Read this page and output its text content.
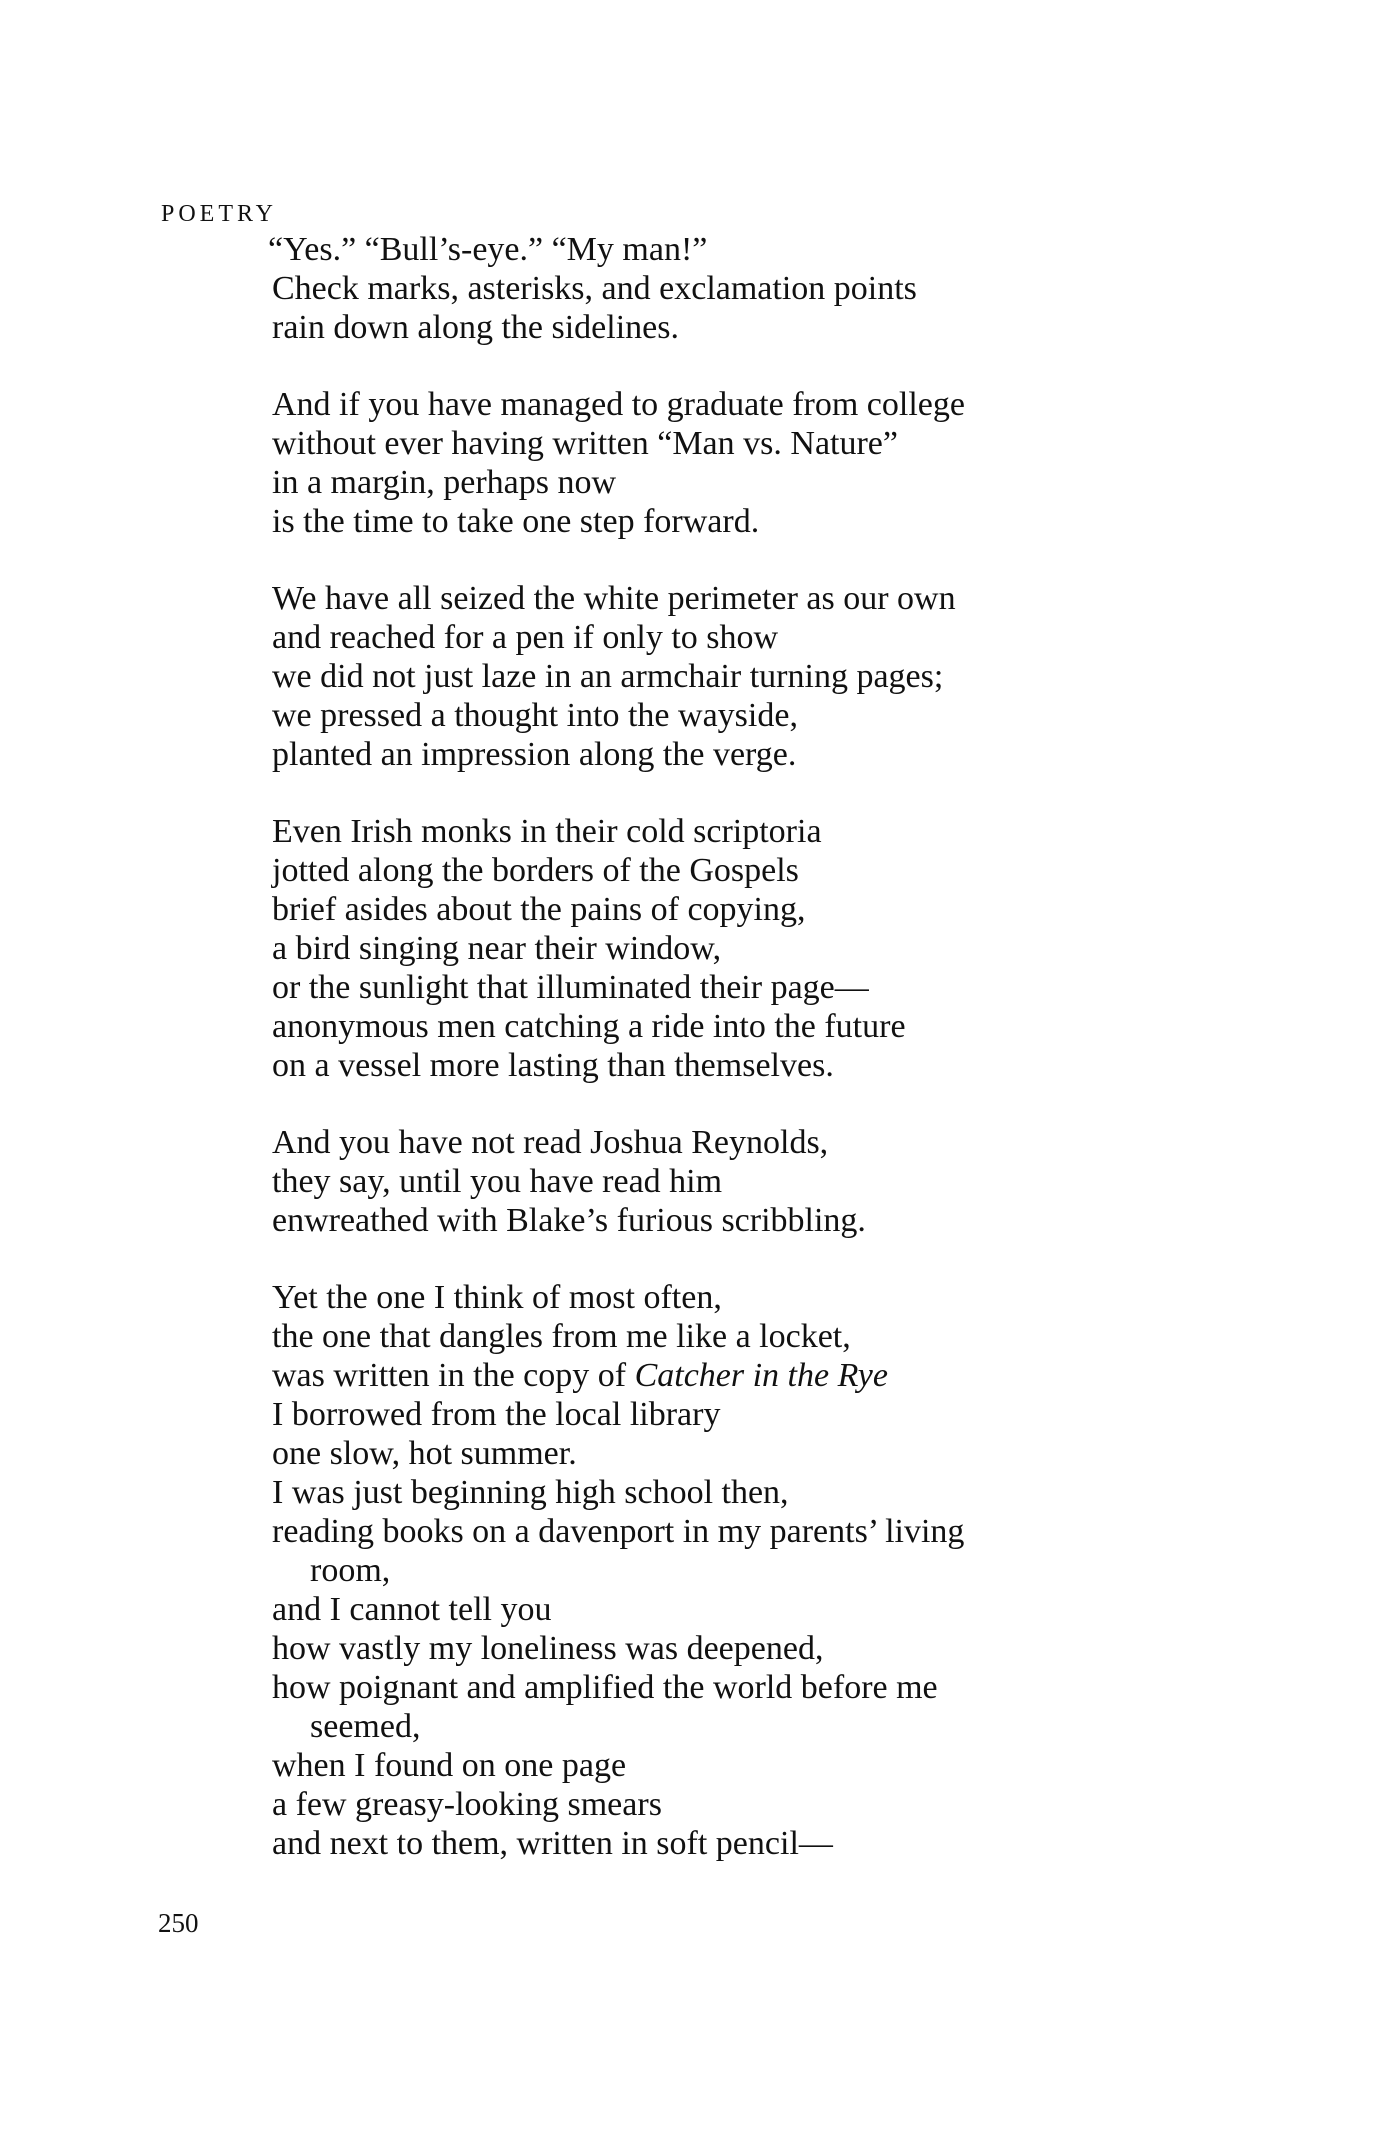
POETRY
“Yes.” “Bull’s-eye.” “My man!”
Check marks, asterisks, and exclamation points
rain down along the sidelines.
And if you have managed to graduate from college
without ever having written “Man vs. Nature”
in a margin, perhaps now
is the time to take one step forward.
We have all seized the white perimeter as our own
and reached for a pen if only to show
we did not just laze in an armchair turning pages;
we pressed a thought into the wayside,
planted an impression along the verge.
Even Irish monks in their cold scriptoria
jotted along the borders of the Gospels
brief asides about the pains of copying,
a bird singing near their window,
or the sunlight that illuminated their page—
anonymous men catching a ride into the future
on a vessel more lasting than themselves.
And you have not read Joshua Reynolds,
they say, until you have read him
enwreathed with Blake’s furious scribbling.
Yet the one I think of most often,
the one that dangles from me like a locket,
was written in the copy of Catcher in the Rye
I borrowed from the local library
one slow, hot summer.
I was just beginning high school then,
reading books on a davenport in my parents’ living
room,
and I cannot tell you
how vastly my loneliness was deepened,
how poignant and amplified the world before me
seemed,
when I found on one page
a few greasy-looking smears
and next to them, written in soft pencil—
250
